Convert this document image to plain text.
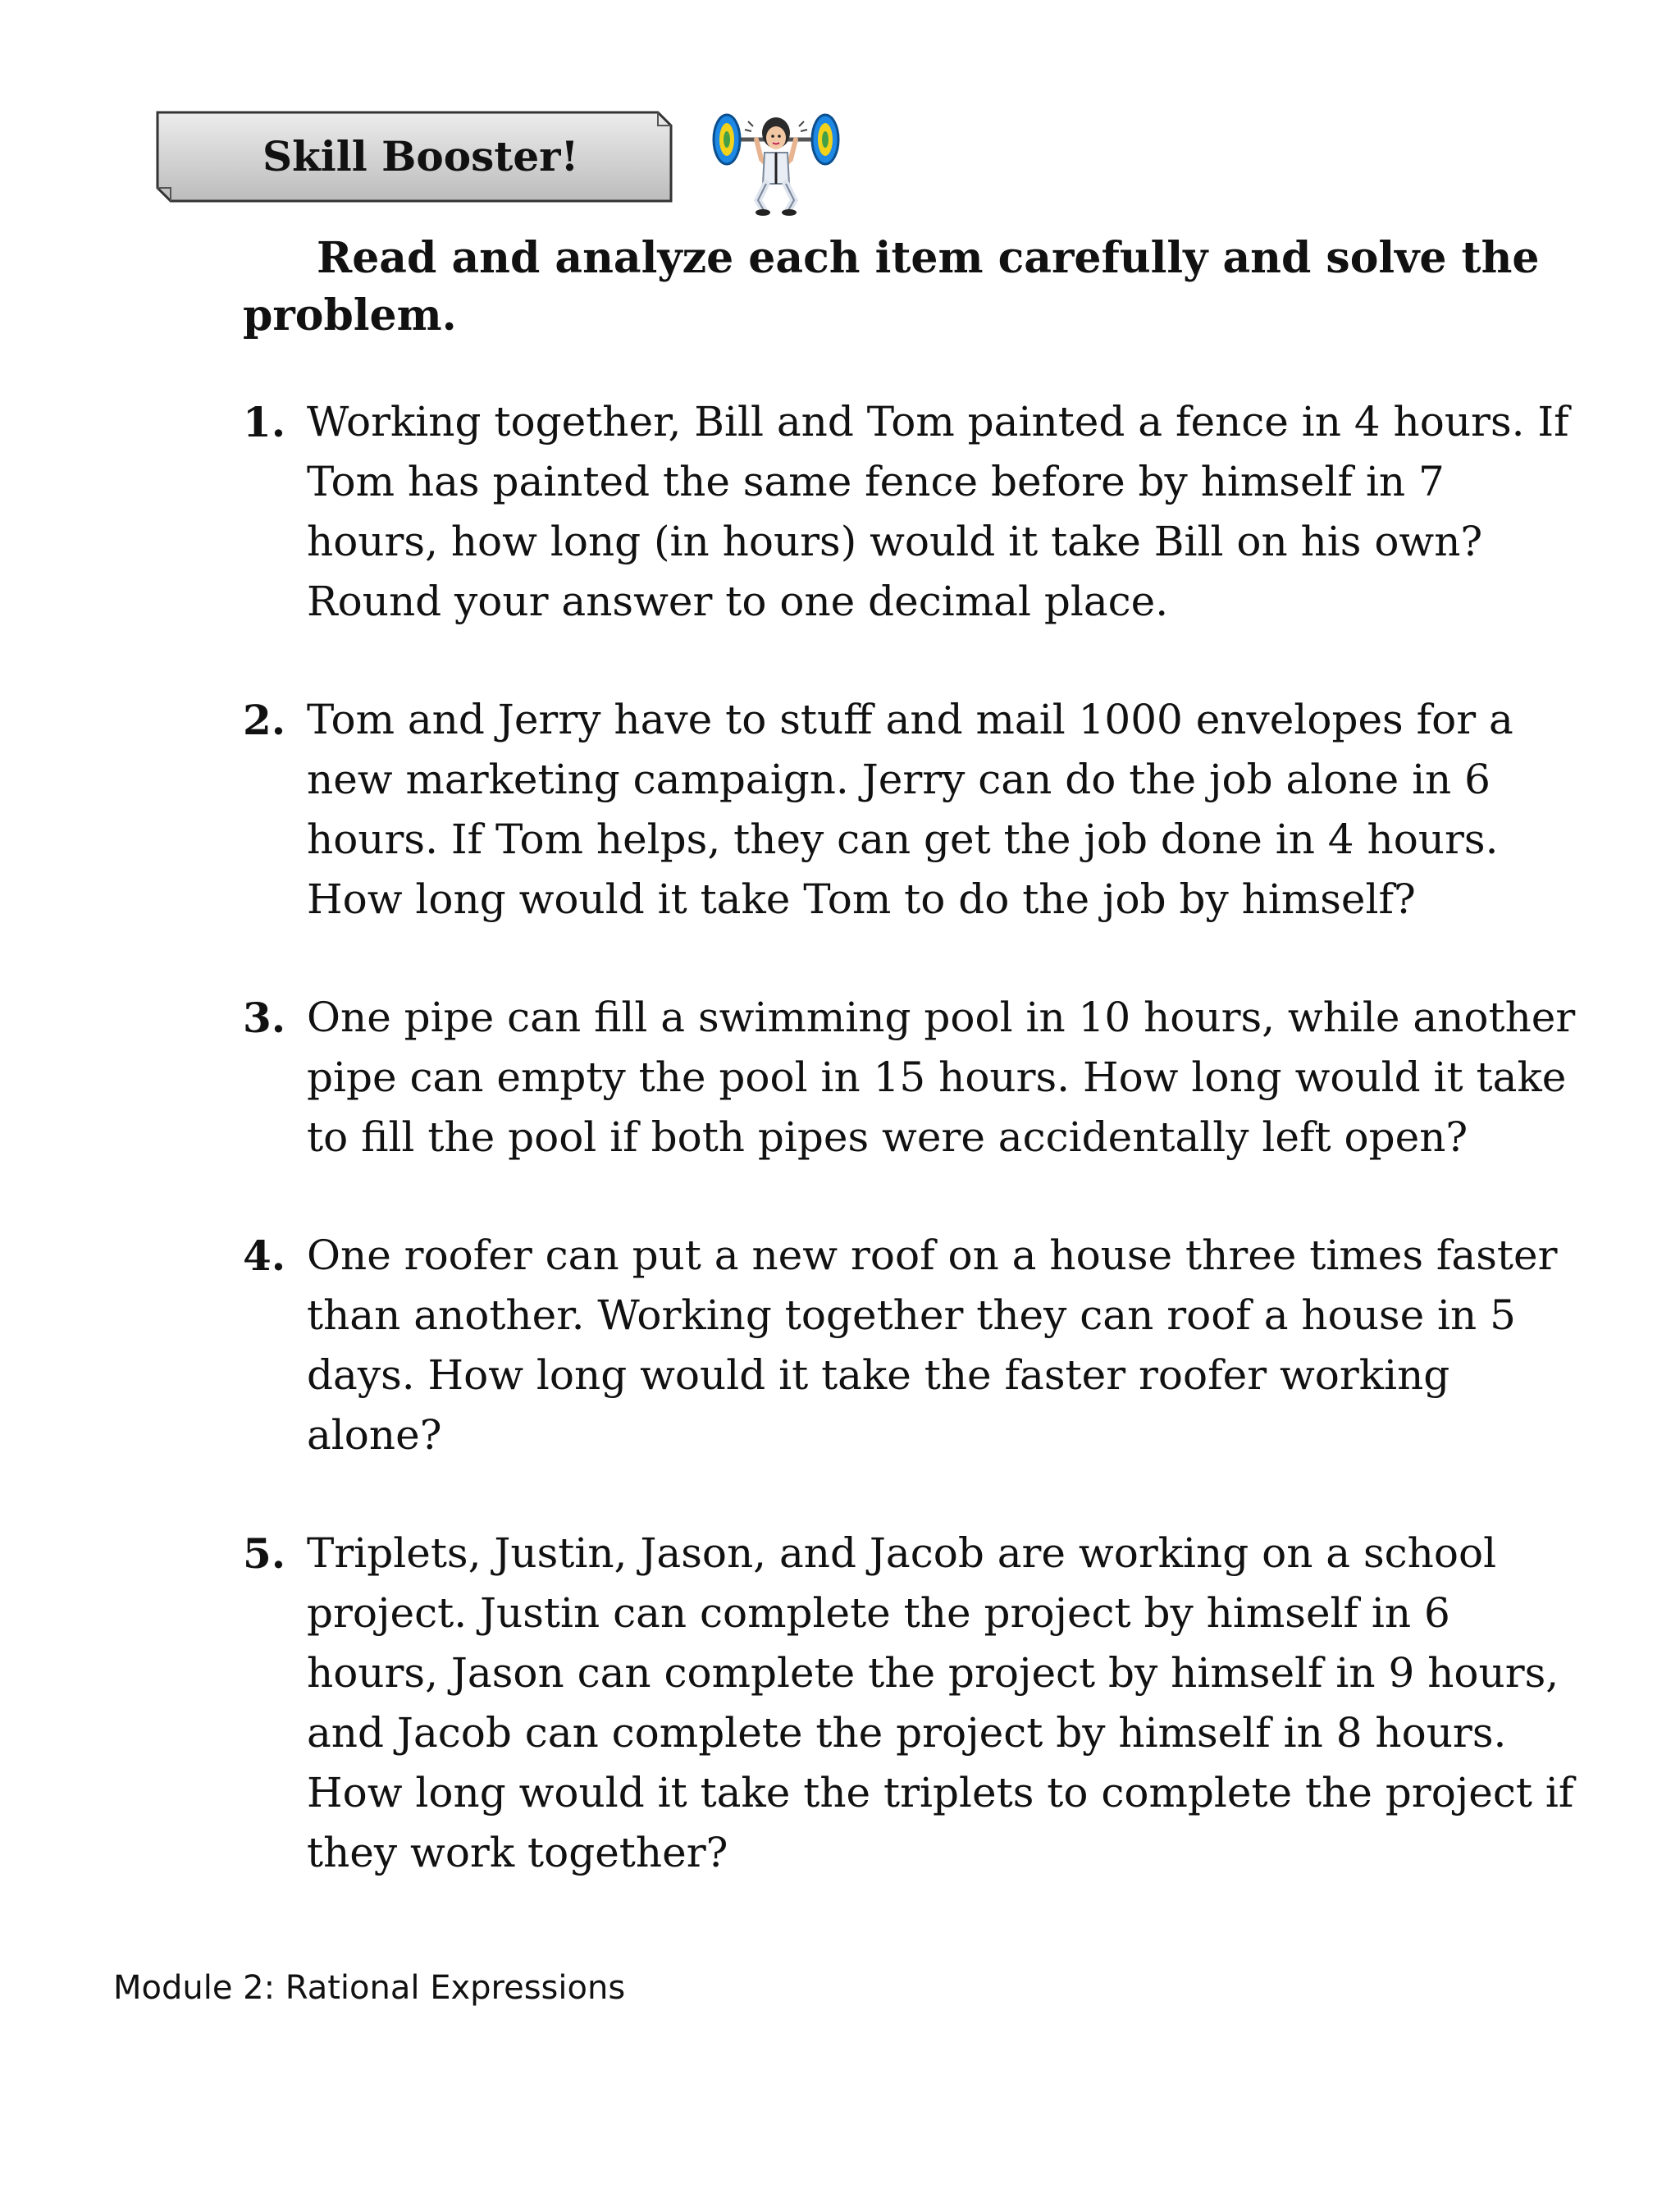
Skill Booster!

Read and analyze each item carefully and solve the problem.

1. Working together, Bill and Tom painted a fence in 4 hours. If Tom has painted the same fence before by himself in 7 hours, how long (in hours) would it take Bill on his own? Round your answer to one decimal place.
2. Tom and Jerry have to stuff and mail 1000 envelopes for a new marketing campaign. Jerry can do the job alone in 6 hours. If Tom helps, they can get the job done in 4 hours. How long would it take Tom to do the job by himself?
3. One pipe can fill a swimming pool in 10 hours, while another pipe can empty the pool in 15 hours. How long would it take to fill the pool if both pipes were accidentally left open?
4. One roofer can put a new roof on a house three times faster than another. Working together they can roof a house in 5 days. How long would it take the faster roofer working alone?
5. Triplets, Justin, Jason, and Jacob are working on a school project. Justin can complete the project by himself in 6 hours, Jason can complete the project by himself in 9 hours, and Jacob can complete the project by himself in 8 hours. How long would it take the triplets to complete the project if they work together?
Module 2: Rational Expressions
